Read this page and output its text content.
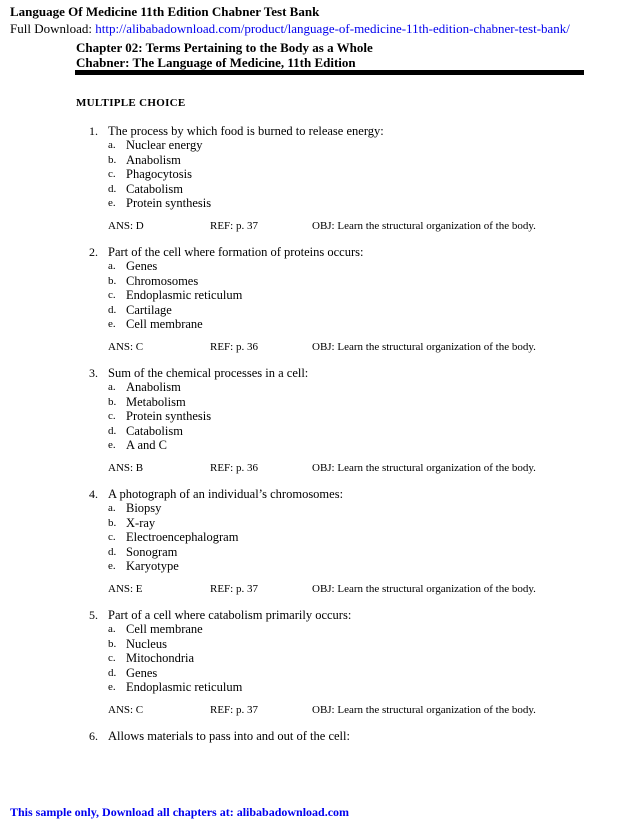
Language Of Medicine 11th Edition Chabner Test Bank
Full Download: http://alibabadownload.com/product/language-of-medicine-11th-edition-chabner-test-bank/
Chapter 02: Terms Pertaining to the Body as a Whole
Chabner: The Language of Medicine, 11th Edition
MULTIPLE CHOICE
1. The process by which food is burned to release energy:
a. Nuclear energy
b. Anabolism
c. Phagocytosis
d. Catabolism
e. Protein synthesis
ANS: D	REF: p. 37	OBJ: Learn the structural organization of the body.
2. Part of the cell where formation of proteins occurs:
a. Genes
b. Chromosomes
c. Endoplasmic reticulum
d. Cartilage
e. Cell membrane
ANS: C	REF: p. 36	OBJ: Learn the structural organization of the body.
3. Sum of the chemical processes in a cell:
a. Anabolism
b. Metabolism
c. Protein synthesis
d. Catabolism
e. A and C
ANS: B	REF: p. 36	OBJ: Learn the structural organization of the body.
4. A photograph of an individual’s chromosomes:
a. Biopsy
b. X-ray
c. Electroencephalogram
d. Sonogram
e. Karyotype
ANS: E	REF: p. 37	OBJ: Learn the structural organization of the body.
5. Part of a cell where catabolism primarily occurs:
a. Cell membrane
b. Nucleus
c. Mitochondria
d. Genes
e. Endoplasmic reticulum
ANS: C	REF: p. 37	OBJ: Learn the structural organization of the body.
6. Allows materials to pass into and out of the cell:
This sample only, Download all chapters at: alibabadownload.com
